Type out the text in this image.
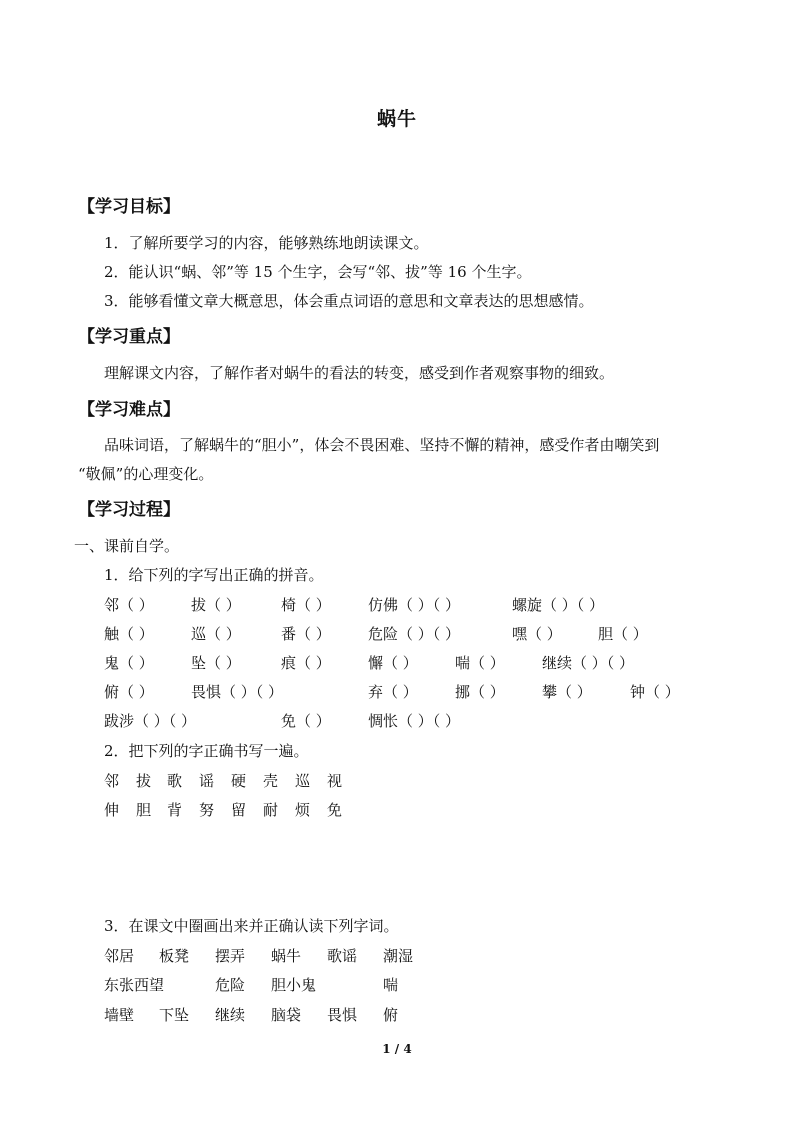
蜗牛
【学习目标】
1．了解所要学习的内容，能够熟练地朗读课文。
2．能认识“蜗、邻”等 15 个生字，会写“邻、拔”等 16 个生字。
3．能够看懂文章大概意思，体会重点词语的意思和文章表达的思想感情。
【学习重点】
理解课文内容，了解作者对蜗牛的看法的转变，感受到作者观察事物的细致。
【学习难点】
品味词语，了解蜗牛的“胆小”，体会不畏困难、坚持不懈的精神，感受作者由嘲笑到
“敬佩”的心理变化。
【学习过程】
一、课前自学。
1．给下列的字写出正确的拼音。
邻（ ） 拔（ ）	椅（ ） 仿佛（ ）（ ）	螺旋（ ）（ ）
触（ ） 巡（ ）	番（ ） 危险（ ）（ ）	嘿（ ） 胆（ ）
鬼（ ） 坠（ ）	痕（ ） 懈（ ） 喘（ ） 继续（ ）（ ）
俯（ ） 畏惧（ ）（ ）	弃（ ） 挪（ ） 攀（ ）	钟（ ）
跋涉（ ）（ ）	免（ ） 惆怅（ ）（ ）
2．把下列的字正确书写一遍。
邻 拔 歌 谣 硬 壳 巡 视
伸 胆 背 努 留 耐 烦 免
3．在课文中圈画出来并正确认读下列字词。
邻居 板凳 摆弄 蜗牛 歌谣 潮湿
东张西望	危险 胆小鬼	喘
墙壁 下坠 继续 脑袋 畏惧 俯
1 / 4
